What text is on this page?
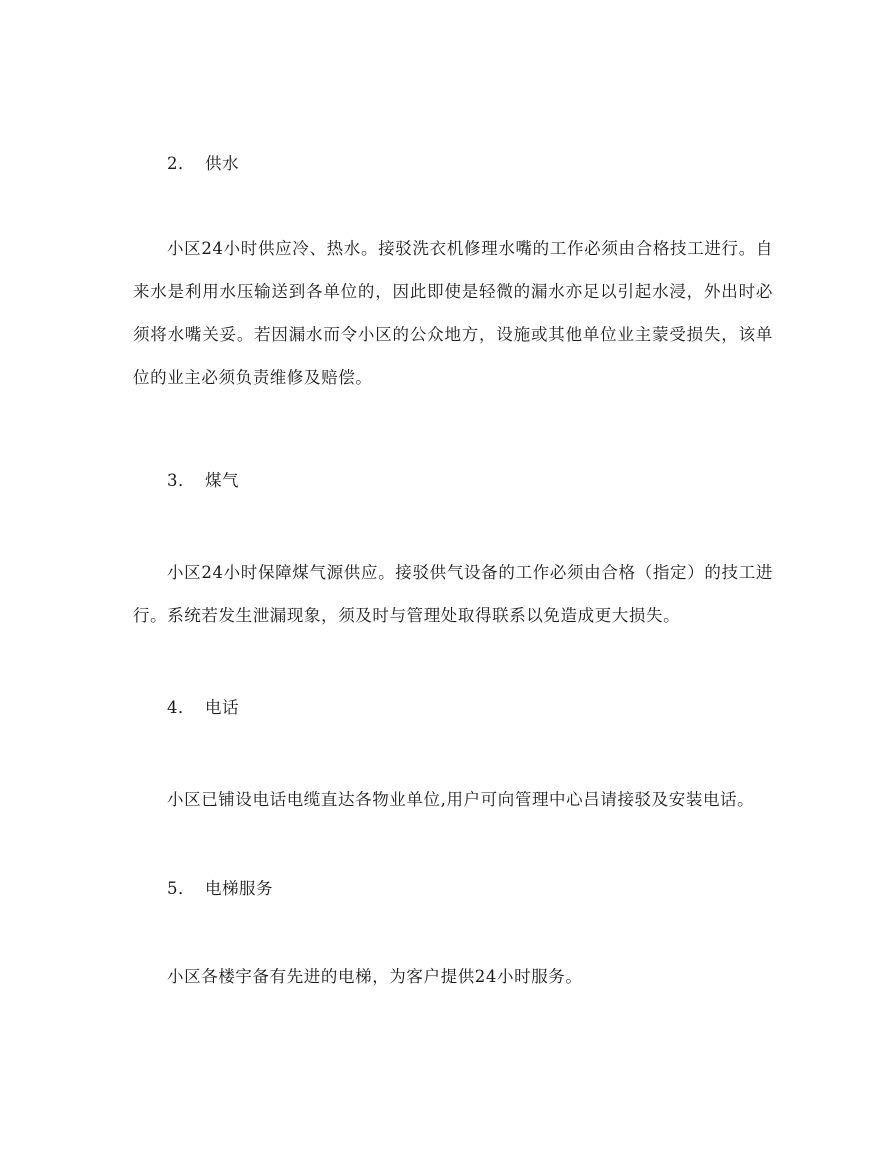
2． 供水
小区24小时供应冷、热水。接驳洗衣机修理水嘴的工作必须由合格技工进行。自来水是利用水压输送到各单位的，因此即使是轻微的漏水亦足以引起水浸，外出时必须将水嘴关妥。若因漏水而令小区的公众地方，设施或其他单位业主蒙受损失，该单位的业主必须负责维修及赔偿。
3． 煤气
小区24小时保障煤气源供应。接驳供气设备的工作必须由合格（指定）的技工进行。系统若发生泄漏现象，须及时与管理处取得联系以免造成更大损失。
4． 电话
小区已铺设电话电缆直达各物业单位,用户可向管理中心吕请接驳及安装电话。
5． 电梯服务
小区各楼宇备有先进的电梯，为客户提供24小时服务。
